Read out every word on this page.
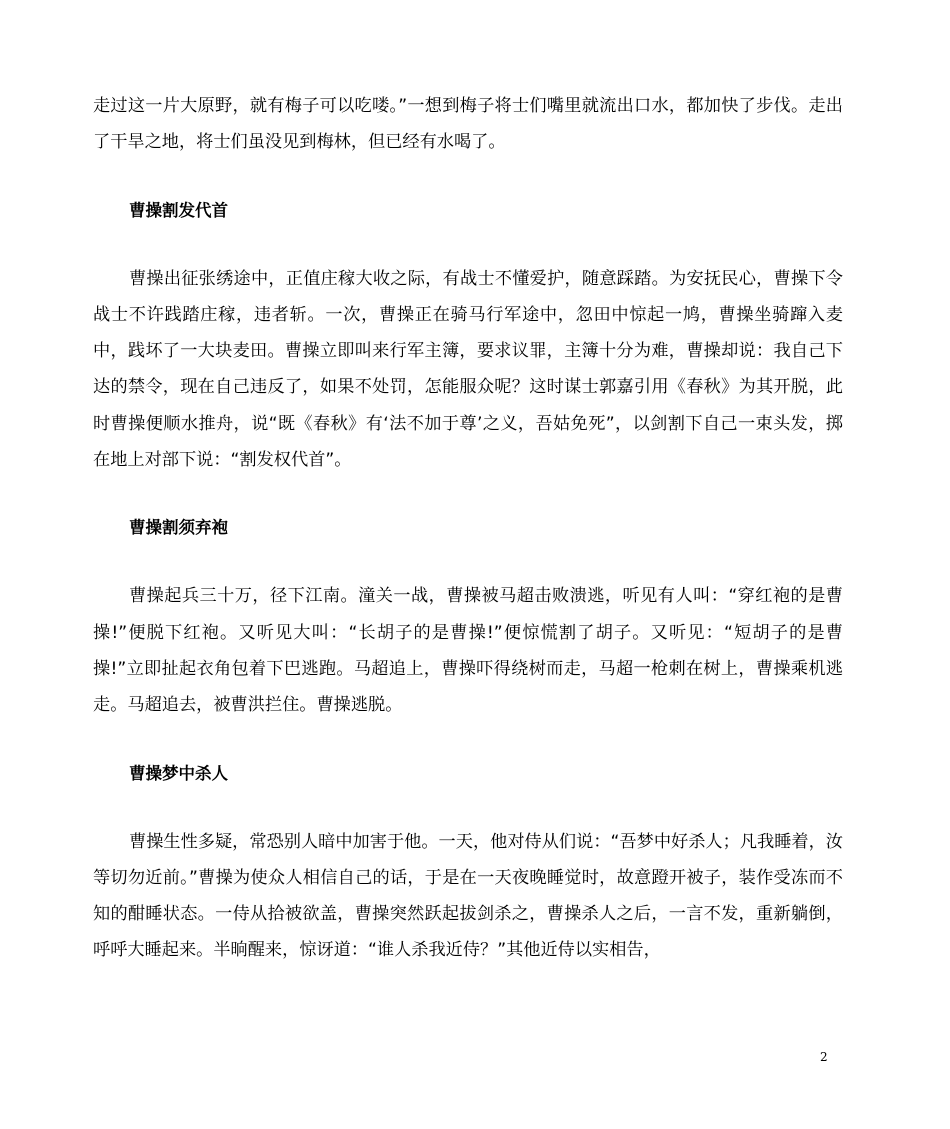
走过这一片大原野，就有梅子可以吃喽。”一想到梅子将士们嘴里就流出口水，都加快了步伐。走出了干旱之地，将士们虽没见到梅林，但已经有水喝了。

曹操割发代首

曹操出征张绣途中，正值庄稼大收之际，有战士不懂爱护，随意踩踏。为安抚民心，曹操下令战士不许践踏庄稼，违者斩。一次，曹操正在骑马行军途中，忽田中惊起一鸠，曹操坐骑蹿入麦中，践坏了一大块麦田。曹操立即叫来行军主簿，要求议罪，主簿十分为难，曹操却说：我自己下达的禁令，现在自己违反了，如果不处罚，怎能服众呢？这时谋士郭嘉引用《春秋》为其开脱，此时曹操便顺水推舟，说“既《春秋》有‘法不加于尊’之义，吾姑免死”，以剑割下自己一束头发，掷在地上对部下说：“割发权代首”。

曹操割须弃袍

曹操起兵三十万，径下江南。潼关一战，曹操被马超击败溃逃，听见有人叫：“穿红袍的是曹操!”便脱下红袍。又听见大叫：“长胡子的是曹操!”便惊慌割了胡子。又听见：“短胡子的是曹操!”立即扯起衣角包着下巴逃跑。马超追上，曹操吓得绕树而走，马超一枪刺在树上，曹操乘机逃走。马超追去，被曹洪拦住。曹操逃脱。

曹操梦中杀人

曹操生性多疑，常恐别人暗中加害于他。一天，他对侍从们说：“吾梦中好杀人；凡我睡着，汝等切勿近前。”曹操为使众人相信自己的话，于是在一天夜晚睡觉时，故意蹬开被子，装作受冻而不知的酣睡状态。一侍从拾被欲盖，曹操突然跃起拔剑杀之，曹操杀人之后，一言不发，重新躺倒，呼呼大睡起来。半晌醒来，惊讶道：“谁人杀我近侍？”其他近侍以实相告，

2
